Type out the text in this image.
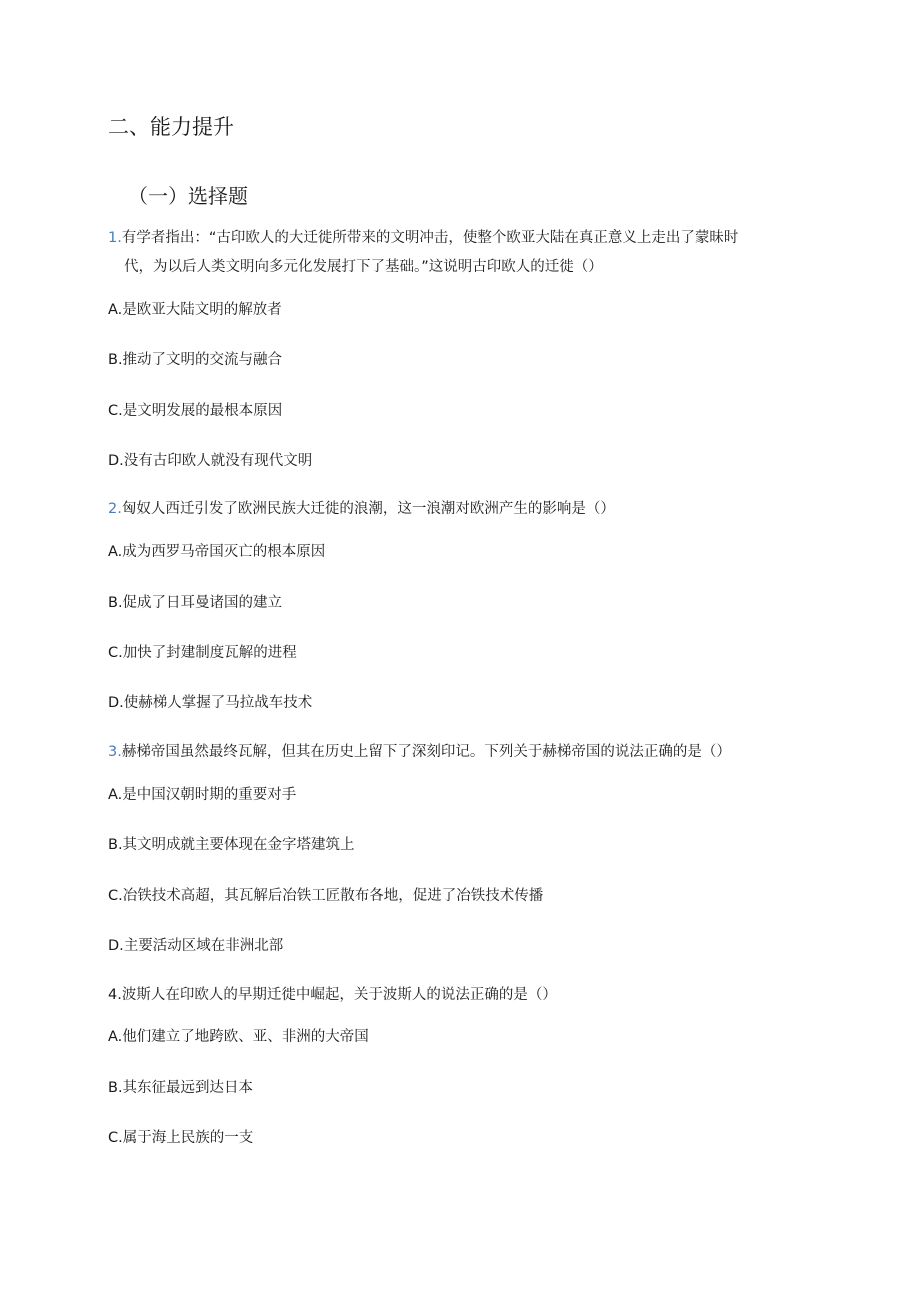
二、能力提升
（一）选择题
1.有学者指出：“古印欧人的大迁徙所带来的文明冲击，使整个欧亚大陆在真正意义上走出了蒙昧时
代，为以后人类文明向多元化发展打下了基础。”这说明古印欧人的迁徙（）
A.是欧亚大陆文明的解放者
B.推动了文明的交流与融合
C.是文明发展的最根本原因
D.没有古印欧人就没有现代文明
2.匈奴人西迁引发了欧洲民族大迁徙的浪潮，这一浪潮对欧洲产生的影响是（）
A.成为西罗马帝国灭亡的根本原因
B.促成了日耳曼诸国的建立
C.加快了封建制度瓦解的进程
D.使赫梯人掌握了马拉战车技术
3.赫梯帝国虽然最终瓦解，但其在历史上留下了深刻印记。下列关于赫梯帝国的说法正确的是（）
A.是中国汉朝时期的重要对手
B.其文明成就主要体现在金字塔建筑上
C.冶铁技术高超，其瓦解后冶铁工匠散布各地，促进了冶铁技术传播
D.主要活动区域在非洲北部
4.波斯人在印欧人的早期迁徙中崛起，关于波斯人的说法正确的是（）
A.他们建立了地跨欧、亚、非洲的大帝国
B.其东征最远到达日本
C.属于海上民族的一支
